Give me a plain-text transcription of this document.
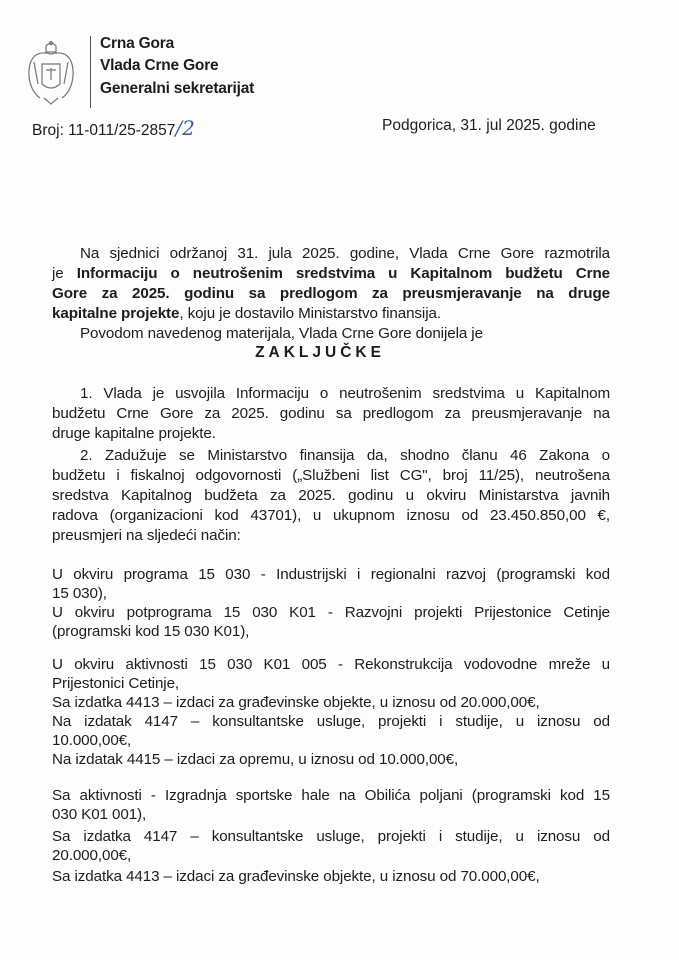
Crna Gora
Vlada Crne Gore
Generalni sekretarijat
Broj: 11-011/25-2857/2	Podgorica, 31. jul 2025. godine
ZAKLJUČKE
Na sjednici održanoj 31. jula 2025. godine, Vlada Crne Gore razmotrila
je Informaciju o neutrošenim sredstvima u Kapitalnom budžetu Crne
Gore za 2025. godinu sa predlogom za preusmjeravanje na druge
kapitalne projekte, koju je dostavilo Ministarstvo finansija.
Povodom navedenog materijala, Vlada Crne Gore donijela je
1. Vlada je usvojila Informaciju o neutrošenim sredstvima u Kapitalnom
budžetu Crne Gore za 2025. godinu sa predlogom za preusmjeravanje na
druge kapitalne projekte.
2. Zadužuje se Ministarstvo finansija da, shodno članu 46 Zakona o
budžetu i fiskalnoj odgovornosti („Službeni list CG", broj 11/25), neutrošena
sredstva Kapitalnog budžeta za 2025. godinu u okviru Ministarstva javnih
radova (organizacioni kod 43701), u ukupnom iznosu od 23.450.850,00 €,
preusmjeri na sljedeći način:
U okviru programa 15 030 - Industrijski i regionalni razvoj (programski kod
15 030),
U okviru potprograma 15 030 K01 - Razvojni projekti Prijestonice Cetinje
(programski kod 15 030 K01),
U okviru aktivnosti 15 030 K01 005 - Rekonstrukcija vodovodne mreže u
Prijestonici Cetinje,
Sa izdatka 4413 – izdaci za građevinske objekte, u iznosu od 20.000,00€,
Na izdatak 4147 – konsultantske usluge, projekti i studije, u iznosu od
10.000,00€,
Na izdatak 4415 – izdaci za opremu, u iznosu od 10.000,00€,
Sa aktivnosti - Izgradnja sportske hale na Obilića poljani (programski kod 15
030 K01 001),
Sa izdatka 4147 – konsultantske usluge, projekti i studije, u iznosu od
20.000,00€,
Sa izdatka 4413 – izdaci za građevinske objekte, u iznosu od 70.000,00€,
